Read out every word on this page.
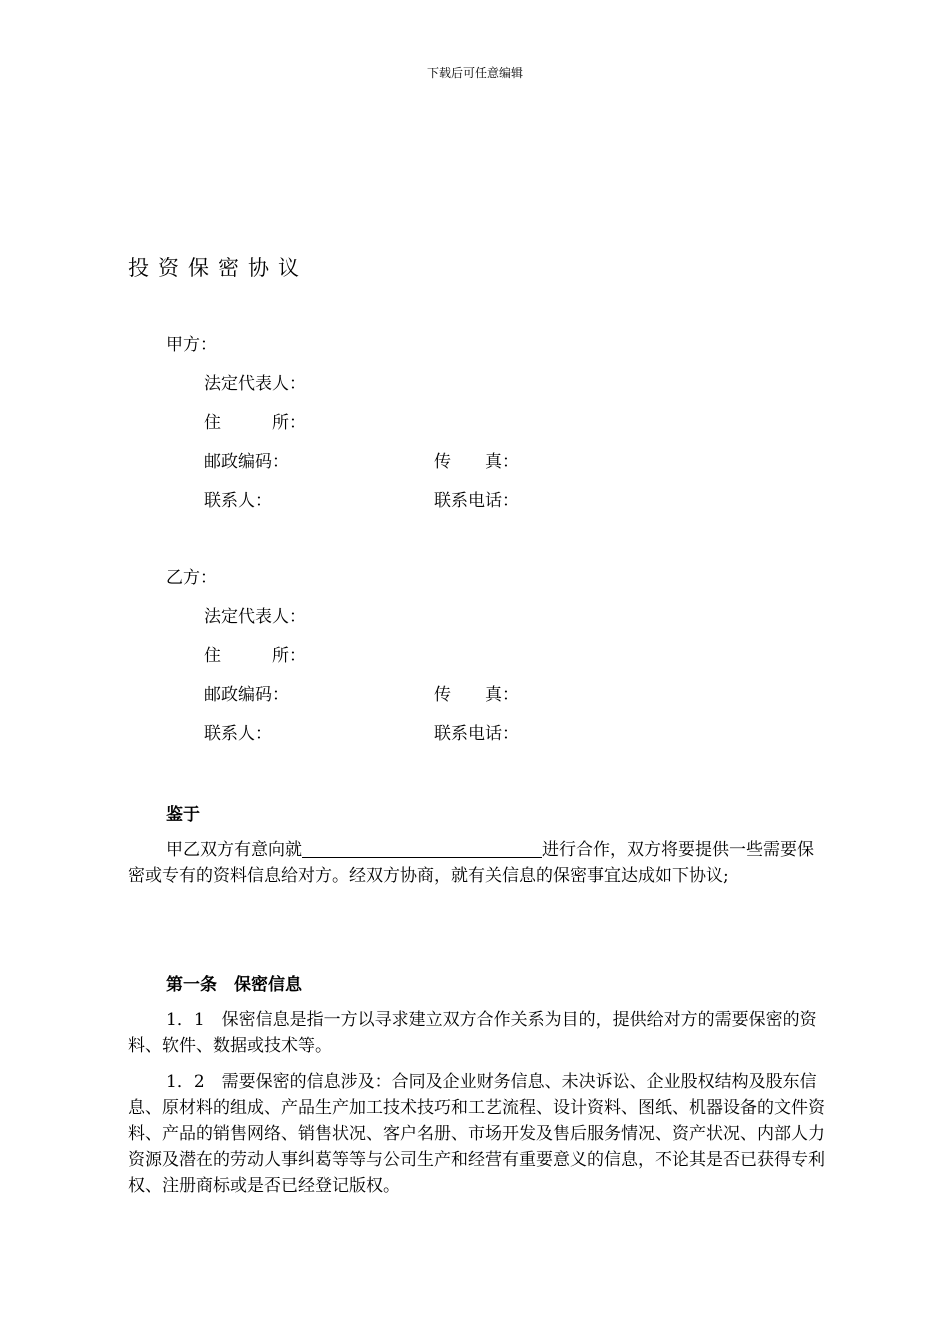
下载后可任意编辑
投资保密协议
甲方：
法定代表人：
住	所：
邮政编码：	传 真：
联系人：	联系电话：
乙方：
法定代表人：
住	所：
邮政编码：	传 真：
联系人：	联系电话：
鉴于
甲乙双方有意向就	进行合作，双方将要提供一些需要保密或专有的资料信息给对方。经双方协商，就有关信息的保密事宜达成如下协议;
第一条　保密信息
1．1　保密信息是指一方以寻求建立双方合作关系为目的，提供给对方的需要保密的资料、软件、数据或技术等。
1．2　需要保密的信息涉及：合同及企业财务信息、未决诉讼、企业股权结构及股东信息、原材料的组成、产品生产加工技术技巧和工艺流程、设计资料、图纸、机器设备的文件资料、产品的销售网络、销售状况、客户名册、市场开发及售后服务情况、资产状况、内部人力资源及潜在的劳动人事纠葛等等与公司生产和经营有重要意义的信息，不论其是否已获得专利权、注册商标或是否已经登记版权。
